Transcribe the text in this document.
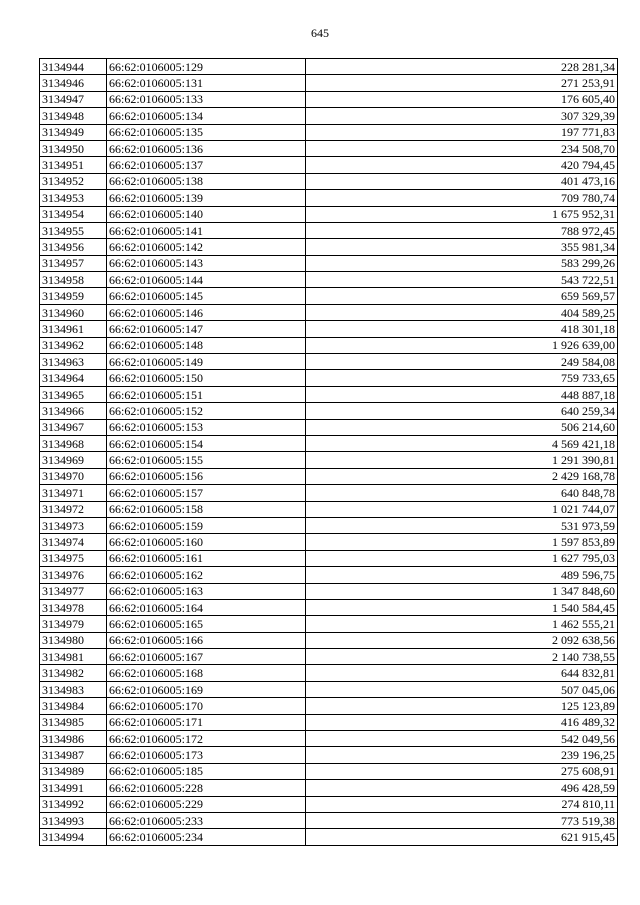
645
3134944	66:62:0106005:129	228 281,34
3134946	66:62:0106005:131	271 253,91
3134947	66:62:0106005:133	176 605,40
3134948	66:62:0106005:134	307 329,39
3134949	66:62:0106005:135	197 771,83
3134950	66:62:0106005:136	234 508,70
3134951	66:62:0106005:137	420 794,45
3134952	66:62:0106005:138	401 473,16
3134953	66:62:0106005:139	709 780,74
3134954	66:62:0106005:140	1 675 952,31
3134955	66:62:0106005:141	788 972,45
3134956	66:62:0106005:142	355 981,34
3134957	66:62:0106005:143	583 299,26
3134958	66:62:0106005:144	543 722,51
3134959	66:62:0106005:145	659 569,57
3134960	66:62:0106005:146	404 589,25
3134961	66:62:0106005:147	418 301,18
3134962	66:62:0106005:148	1 926 639,00
3134963	66:62:0106005:149	249 584,08
3134964	66:62:0106005:150	759 733,65
3134965	66:62:0106005:151	448 887,18
3134966	66:62:0106005:152	640 259,34
3134967	66:62:0106005:153	506 214,60
3134968	66:62:0106005:154	4 569 421,18
3134969	66:62:0106005:155	1 291 390,81
3134970	66:62:0106005:156	2 429 168,78
3134971	66:62:0106005:157	640 848,78
3134972	66:62:0106005:158	1 021 744,07
3134973	66:62:0106005:159	531 973,59
3134974	66:62:0106005:160	1 597 853,89
3134975	66:62:0106005:161	1 627 795,03
3134976	66:62:0106005:162	489 596,75
3134977	66:62:0106005:163	1 347 848,60
3134978	66:62:0106005:164	1 540 584,45
3134979	66:62:0106005:165	1 462 555,21
3134980	66:62:0106005:166	2 092 638,56
3134981	66:62:0106005:167	2 140 738,55
3134982	66:62:0106005:168	644 832,81
3134983	66:62:0106005:169	507 045,06
3134984	66:62:0106005:170	125 123,89
3134985	66:62:0106005:171	416 489,32
3134986	66:62:0106005:172	542 049,56
3134987	66:62:0106005:173	239 196,25
3134989	66:62:0106005:185	275 608,91
3134991	66:62:0106005:228	496 428,59
3134992	66:62:0106005:229	274 810,11
3134993	66:62:0106005:233	773 519,38
3134994	66:62:0106005:234	621 915,45
